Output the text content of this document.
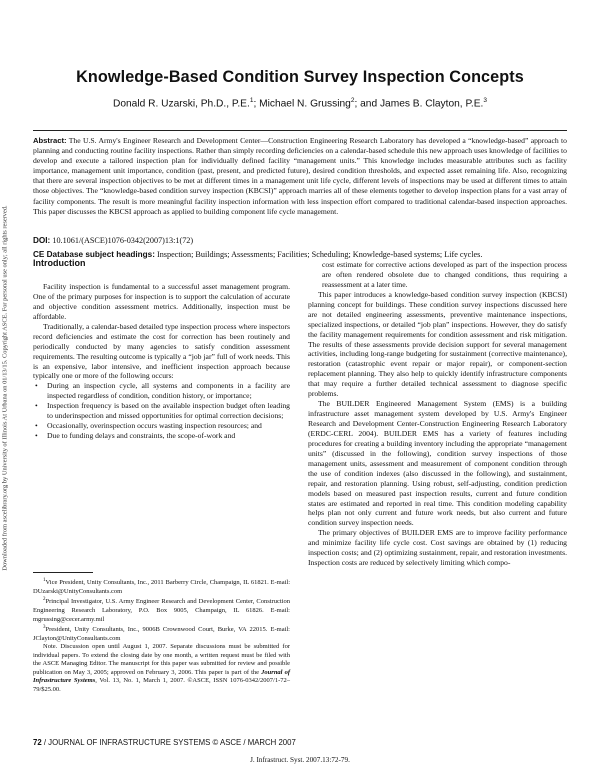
Downloaded from ascelibrary.org by University of Illinois At Urbana on 01/13/15. Copyright ASCE. For personal use only; all rights reserved.
Knowledge-Based Condition Survey Inspection Concepts
Donald R. Uzarski, Ph.D., P.E.$^1$; Michael N. Grussing$^2$; and James B. Clayton, P.E.$^3$
Abstract: The U.S. Army's Engineer Research and Development Center—Construction Engineering Research Laboratory has developed a “knowledge-based” approach to planning and conducting routine facility inspections. Rather than simply recording deficiencies on a calendar-based schedule this new approach uses knowledge of facilities to develop and execute a tailored inspection plan for individually defined facility “management units.” This knowledge includes measurable attributes such as facility importance, management unit importance, condition (past, present, and predicted future), desired condition thresholds, and expected asset remaining life. Also, recognizing that there are several inspection objectives to be met at different times in a management unit life cycle, different levels of inspections may be used at different times to attain those objectives. The “knowledge-based condition survey inspection (KBCSI)” approach marries all of these elements together to develop inspection plans for a vast array of facility components. The result is more meaningful facility inspection information with less inspection effort compared to traditional calendar-based inspection approaches. This paper discusses the KBCSI approach as applied to building component life cycle management.
DOI: 10.1061/(ASCE)1076-0342(2007)13:1(72)
CE Database subject headings: Inspection; Buildings; Assessments; Facilities; Scheduling; Knowledge-based systems; Life cycles.
Introduction

Facility inspection is fundamental to a successful asset management program. One of the primary purposes for inspection is to support the calculation of accurate and objective condition assessment metrics. Additionally, inspection must be affordable.

Traditionally, a calendar-based detailed type inspection process where inspectors record deficiencies and estimate the cost for correction has been routinely and periodically conducted by many agencies to satisfy condition assessment requirements. The resulting outcome is typically a “job jar” full of work needs. This is an expensive, labor intensive, and inefficient inspection approach because typically one or more of the following occurs:

• During an inspection cycle, all systems and components in a facility are inspected regardless of condition, condition history, or importance;
• Inspection frequency is based on the available inspection budget often leading to underinspection and missed opportunities for optimal correction decisions;
• Occasionally, overinspection occurs wasting inspection resources; and
• Due to funding delays and constraints, the scope-of-work and

$^1$Vice President, Unity Consultants, Inc., 2011 Barberry Circle, Champaign, IL 61821. E-mail: DUzarski@UnityConsultants.com

$^2$Principal Investigator, U.S. Army Engineer Research and Development Center, Construction Engineering Research Laboratory, P.O. Box 9005, Champaign, IL 61826. E-mail: mgrussing@cecer.army.mil

$^3$President, Unity Consultants, Inc., 9006B Crownwood Court, Burke, VA 22015. E-mail: JClayton@UnityConsultants.com

Note. Discussion open until August 1, 2007. Separate discussions must be submitted for individual papers. To extend the closing date by one month, a written request must be filed with the ASCE Managing Editor. The manuscript for this paper was submitted for review and possible publication on May 3, 2005; approved on February 3, 2006. This paper is part of the Journal of Infrastructure Systems, Vol. 13, No. 1, March 1, 2007. ©ASCE, ISSN 1076-0342/2007/1-72–79/$25.00.

cost estimate for corrective actions developed as part of the inspection process are often rendered obsolete due to changed conditions, thus requiring a reassessment at a later time.

This paper introduces a knowledge-based condition survey inspection (KBCSI) planning concept for buildings. These condition survey inspections discussed here are not detailed engineering assessments, preventive maintenance inspections, specialized inspections, or detailed “job plan” inspections. However, they do satisfy the facility management requirements for condition assessment and risk mitigation. The results of these assessments provide decision support for several management activities, including long-range budgeting for sustainment (corrective maintenance), restoration (catastrophic event repair or major repair), or component-section replacement planning. They also help to quickly identify infrastructure components that may require a further detailed technical assessment to diagnose specific problems.

The BUILDER Engineered Management System (EMS) is a building infrastructure asset management system developed by U.S. Army's Engineer Research and Development Center-Construction Engineering Research Laboratory (ERDC-CERL 2004). BUILDER EMS has a variety of features including procedures for creating a building inventory including the appropriate “management units” (discussed in the following), condition survey inspections of those management units, assessment and measurement of component condition through the use of condition indexes (also discussed in the following), and sustainment, repair, and restoration planning. Using robust, self-adjusting, condition prediction models based on measured past inspection results, current and future condition states are estimated and reported in real time. This condition modeling capability helps plan not only current and future work needs, but also current and future condition survey inspection needs.

The primary objectives of BUILDER EMS are to improve facility performance and minimize facility life cycle cost. Cost savings are obtained by (1) reducing inspection costs; and (2) optimizing sustainment, repair, and restoration investments. Inspection costs are reduced by selectively limiting which compo-

72 / JOURNAL OF INFRASTRUCTURE SYSTEMS © ASCE / MARCH 2007
J. Infrastruct. Syst. 2007.13:72-79.
